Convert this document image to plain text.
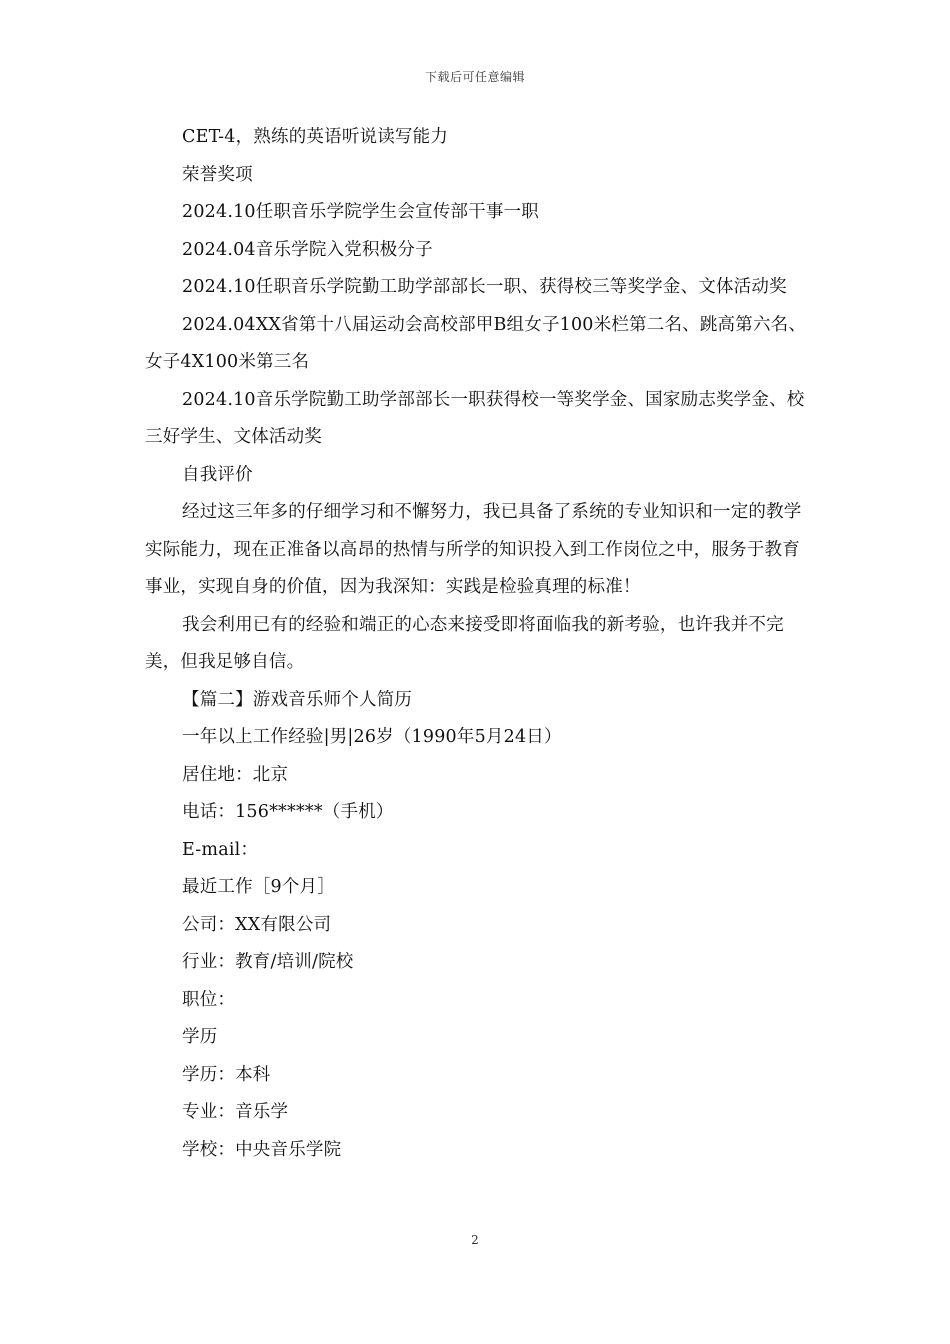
下载后可任意编辑

CET-4，熟练的英语听说读写能力

荣誉奖项

2024.10任职音乐学院学生会宣传部干事一职

2024.04音乐学院入党积极分子

2024.10任职音乐学院勤工助学部部长一职、获得校三等奖学金、文体活动奖

2024.04XX省第十八届运动会高校部甲B组女子100米栏第二名、跳高第六名、女子4X100米第三名

2024.10音乐学院勤工助学部部长一职获得校一等奖学金、国家励志奖学金、校三好学生、文体活动奖

自我评价

经过这三年多的仔细学习和不懈努力，我已具备了系统的专业知识和一定的教学实际能力，现在正准备以高昂的热情与所学的知识投入到工作岗位之中，服务于教育事业，实现自身的价值，因为我深知：实践是检验真理的标准！

我会利用已有的经验和端正的心态来接受即将面临我的新考验，也许我并不完美，但我足够自信。

【篇二】游戏音乐师个人简历

一年以上工作经验|男|26岁（1990年5月24日）

居住地：北京

电话：156******（手机）

E-mail：

最近工作［9个月］

公司：XX有限公司

行业：教育/培训/院校

职位：

学历

学历：本科

专业：音乐学

学校：中央音乐学院

2
